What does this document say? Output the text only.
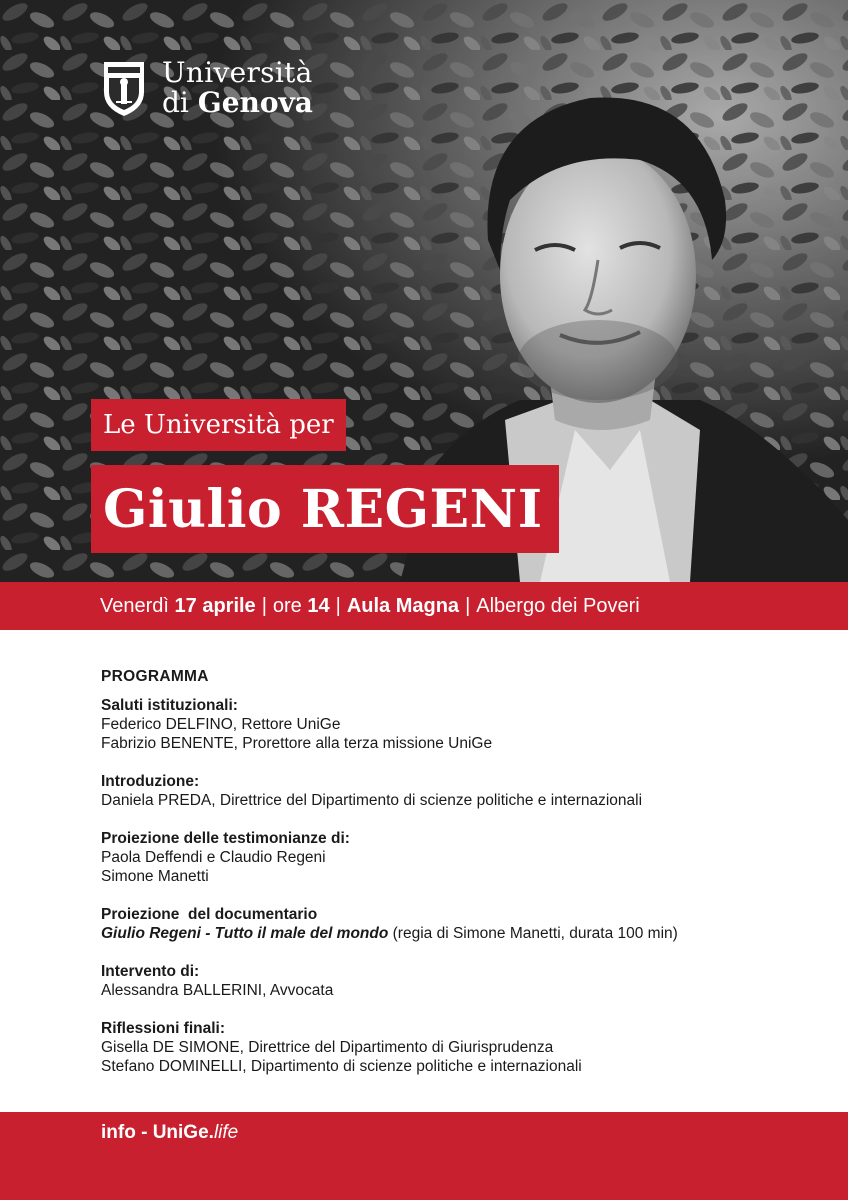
Università
di Genova
Le Università per
Giulio REGENI
Venerdì
17 aprile | ore
14 | Aula Magna | Albergo dei Poveri
PROGRAMMA
Saluti istituzionali:
Federico DELFINO, Rettore UniGe
Fabrizio BENENTE, Prorettore alla terza missione UniGe
Introduzione:
Daniela PREDA, Direttrice del Dipartimento di scienze politiche e internazionali
Proiezione delle testimonianze di:
Paola Deffendi e Claudio Regeni
Simone Manetti
Proiezione  del documentario
Giulio Regeni - Tutto il male del mondo (regia di Simone Manetti, durata 100 min)
Intervento di:
Alessandra BALLERINI, Avvocata
Riflessioni finali:
Gisella DE SIMONE, Direttrice del Dipartimento di Giurisprudenza
Stefano DOMINELLI, Dipartimento di scienze politiche e internazionali
info - UniGe.life
